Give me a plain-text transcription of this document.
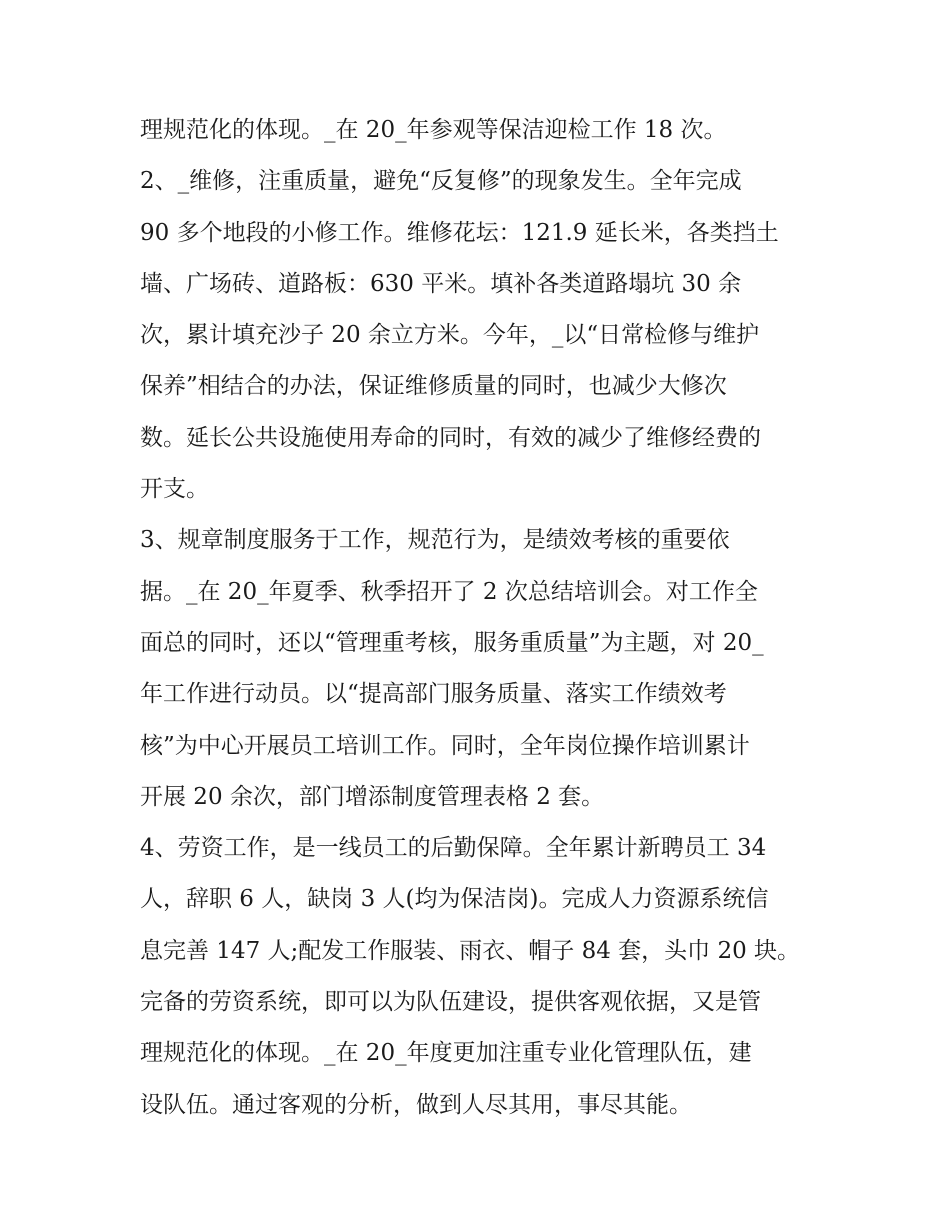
理规范化的体现。_在 20_年参观等保洁迎检工作 18 次。
2、_维修，注重质量，避免“反复修”的现象发生。全年完成
90 多个地段的小修工作。维修花坛：121.9 延长米，各类挡土
墙、广场砖、道路板：630 平米。填补各类道路塌坑 30 余
次，累计填充沙子 20 余立方米。今年，_以“日常检修与维护
保养”相结合的办法，保证维修质量的同时，也减少大修次
数。延长公共设施使用寿命的同时，有效的减少了维修经费的
开支。
3、规章制度服务于工作，规范行为，是绩效考核的重要依
据。_在 20_年夏季、秋季招开了 2 次总结培训会。对工作全
面总的同时，还以“管理重考核，服务重质量”为主题，对 20_
年工作进行动员。以“提高部门服务质量、落实工作绩效考
核”为中心开展员工培训工作。同时，全年岗位操作培训累计
开展 20 余次，部门增添制度管理表格 2 套。
4、劳资工作，是一线员工的后勤保障。全年累计新聘员工 34
人，辞职 6 人，缺岗 3 人(均为保洁岗)。完成人力资源系统信
息完善 147 人;配发工作服装、雨衣、帽子 84 套，头巾 20 块。
完备的劳资系统，即可以为队伍建设，提供客观依据，又是管
理规范化的体现。_在 20_年度更加注重专业化管理队伍，建
设队伍。通过客观的分析，做到人尽其用，事尽其能。
